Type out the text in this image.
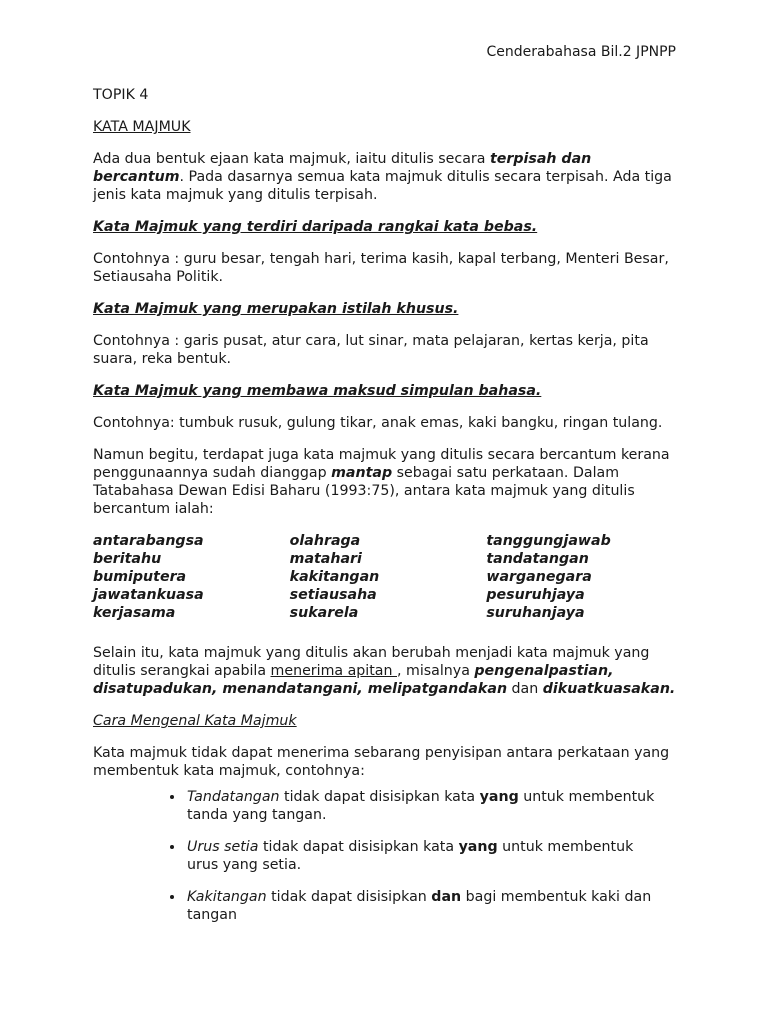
Cenderabahasa Bil.2 JPNPP

TOPIK 4

KATA MAJMUK

Ada dua bentuk ejaan kata majmuk, iaitu ditulis secara terpisah dan bercantum. Pada dasarnya semua kata majmuk ditulis secara terpisah. Ada tiga jenis kata majmuk yang ditulis terpisah.

Kata Majmuk yang terdiri daripada rangkai kata bebas.

Contohnya : guru besar, tengah hari, terima kasih, kapal terbang, Menteri Besar, Setiausaha Politik.

Kata Majmuk yang merupakan istilah khusus.

Contohnya : garis pusat, atur cara, lut sinar, mata pelajaran, kertas kerja, pita suara, reka bentuk.

Kata Majmuk yang membawa maksud simpulan bahasa.

Contohnya: tumbuk rusuk, gulung tikar, anak emas, kaki bangku, ringan tulang.

Namun begitu, terdapat juga kata majmuk yang ditulis secara bercantum kerana penggunaannya sudah dianggap mantap sebagai satu perkataan. Dalam Tatabahasa Dewan Edisi Baharu (1993:75), antara kata majmuk yang ditulis bercantum ialah:

antarabangsa
beritahu
bumiputera
jawatankuasa
kerjasama
olahraga
matahari
kakitangan
setiausaha
sukarela
tanggungjawab
tandatangan
warganegara
pesuruhjaya
suruhanjaya

Selain itu, kata majmuk yang ditulis akan berubah menjadi kata majmuk yang ditulis serangkai apabila menerima apitan , misalnya pengenalpastian, disatupadukan, menandatangani, melipatgandakan dan dikuatkuasakan.

Cara Mengenal Kata Majmuk

Kata majmuk tidak dapat menerima sebarang penyisipan antara perkataan yang membentuk kata majmuk, contohnya:

• Tandatangan tidak dapat disisipkan kata yang untuk membentuk tanda yang tangan.
• Urus setia tidak dapat disisipkan kata yang untuk membentuk urus yang setia.
• Kakitangan tidak dapat disisipkan dan bagi membentuk kaki dan tangan
